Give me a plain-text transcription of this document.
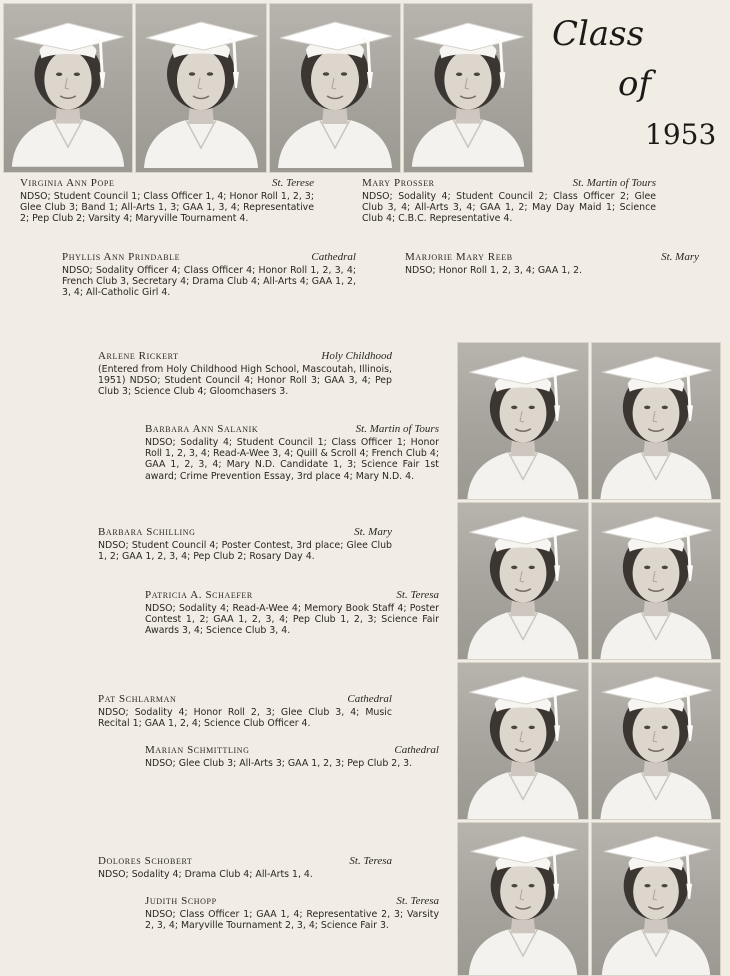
Class
of
1953
Virginia Ann Pope	St. Terese

NDSO; Student Council 1; Class Officer 1, 4; Honor Roll 1, 2, 3; Glee Club 3; Band 1; All-Arts 1, 3; GAA 1, 3, 4; Representative 2; Pep Club 2; Varsity 4; Maryville Tournament 4.

Mary Prosser	St. Martin of Tours

NDSO; Sodality 4; Student Council 2; Class Officer 2; Glee Club 3, 4; All-Arts 3, 4; GAA 1, 2; May Day Maid 1; Science Club 4; C.B.C. Representative 4.

Phyllis Ann Prindable	Cathedral

NDSO; Sodality Officer 4; Class Officer 4; Honor Roll 1, 2, 3, 4; French Club 3, Secretary 4; Drama Club 4; All-Arts 4; GAA 1, 2, 3, 4; All-Catholic Girl 4.

Marjorie Mary Reeb	St. Mary

NDSO; Honor Roll 1, 2, 3, 4; GAA 1, 2.

Arlene Rickert	Holy Childhood

(Entered from Holy Childhood High School, Mascoutah, Illinois, 1951) NDSO; Student Council 4; Honor Roll 3; GAA 3, 4; Pep Club 3; Science Club 4; Gloomchasers 3.

Barbara Ann Salanik	St. Martin of Tours

NDSO; Sodality 4; Student Council 1; Class Officer 1; Honor Roll 1, 2, 3, 4; Read-A-Wee 3, 4; Quill & Scroll 4; French Club 4; GAA 1, 2, 3, 4; Mary N.D. Candidate 1, 3; Science Fair 1st award; Crime Prevention Essay, 3rd place 4; Mary N.D. 4.

Barbara Schilling	St. Mary

NDSO; Student Council 4; Poster Contest, 3rd place; Glee Club 1, 2; GAA 1, 2, 3, 4; Pep Club 2; Rosary Day 4.

Patricia A. Schaefer	St. Teresa

NDSO; Sodality 4; Read-A-Wee 4; Memory Book Staff 4; Poster Contest 1, 2; GAA 1, 2, 3, 4; Pep Club 1, 2, 3; Science Fair Awards 3, 4; Science Club 3, 4.

Pat Schlarman	Cathedral

NDSO; Sodality 4; Honor Roll 2, 3; Glee Club 3, 4; Music Recital 1; GAA 1, 2, 4; Science Club Officer 4.

Marian Schmittling	Cathedral

NDSO; Glee Club 3; All-Arts 3; GAA 1, 2, 3; Pep Club 2, 3.

Dolores Schobert	St. Teresa

NDSO; Sodality 4; Drama Club 4; All-Arts 1, 4.

Judith Schopp	St. Teresa

NDSO; Class Officer 1; GAA 1, 4; Representative 2, 3; Varsity 2, 3, 4; Maryville Tournament 2, 3, 4; Science Fair 3.
